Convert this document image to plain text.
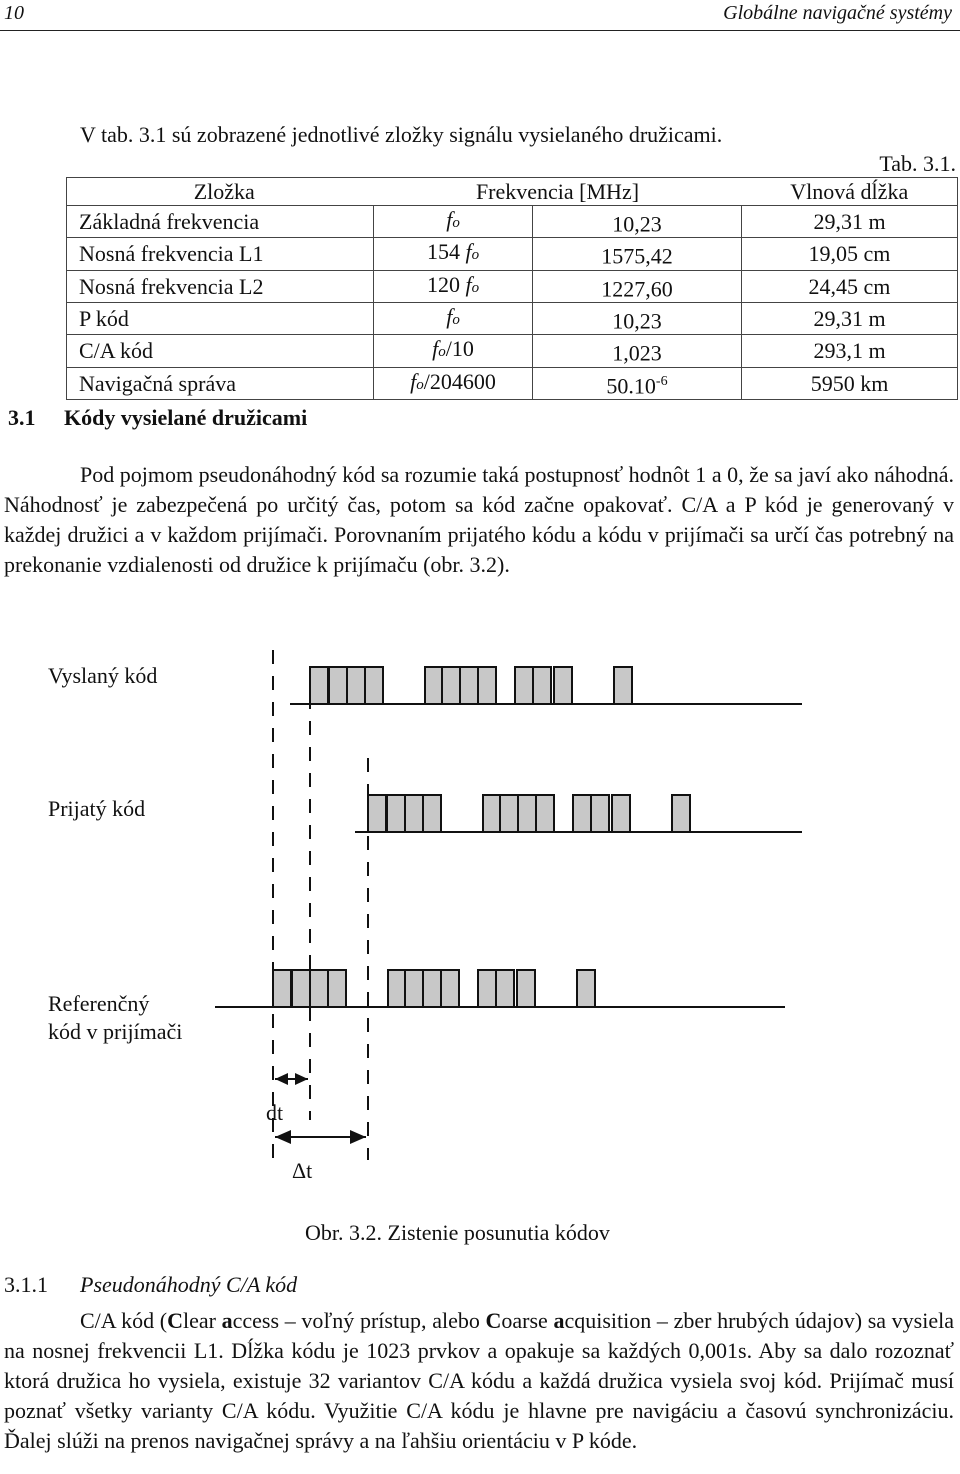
10	Globálne navigačné systémy
V tab. 3.1 sú zobrazené jednotlivé zložky signálu vysielaného družicami.
Tab. 3.1.
Zložka	Frekvencia [MHz]		Vlnová dĺžka
Základná frekvencia	fo	10,23	29,31 m
Nosná frekvencia L1	154 fo	1575,42	19,05 cm
Nosná frekvencia L2	120 fo	1227,60	24,45 cm
P kód	fo	10,23	29,31 m
C/A kód	fo/10	1,023	293,1 m
Navigačná správa	fo/204600	$50.10^{-6}$	5950 km
3.1 Kódy vysielané družicami
Pod pojmom pseudonáhodný kód sa rozumie taká postupnosť hodnôt 1 a 0, že sa javí ako náhodná. Náhodnosť je zabezpečená po určitý čas, potom sa kód začne opakovať. C/A a P kód je generovaný v každej družici a v každom prijímači. Porovnaním prijatého kódu a kódu v prijímači sa určí čas potrebný na prekonanie vzdialenosti od družice k prijímaču (obr. 3.2).
Vyslaný kód
Prijatý kód
Referenčný
kód v prijímači
dt
Δt
Obr. 3.2. Zistenie posunutia kódov
3.1.1 Pseudonáhodný C/A kód
C/A kód (Clear access – voľný prístup, alebo Coarse acquisition – zber hrubých údajov) sa vysiela na nosnej frekvencii L1. Dĺžka kódu je 1023 prvkov a opakuje sa každých 0,001s. Aby sa dalo rozoznať ktorá družica ho vysiela, existuje 32 variantov C/A kódu a každá družica vysiela svoj kód. Prijímač musí poznať všetky varianty C/A kódu. Využitie C/A kódu je hlavne pre navigáciu a časovú synchronizáciu. Ďalej slúži na prenos navigačnej správy a na ľahšiu orientáciu v P kóde.
